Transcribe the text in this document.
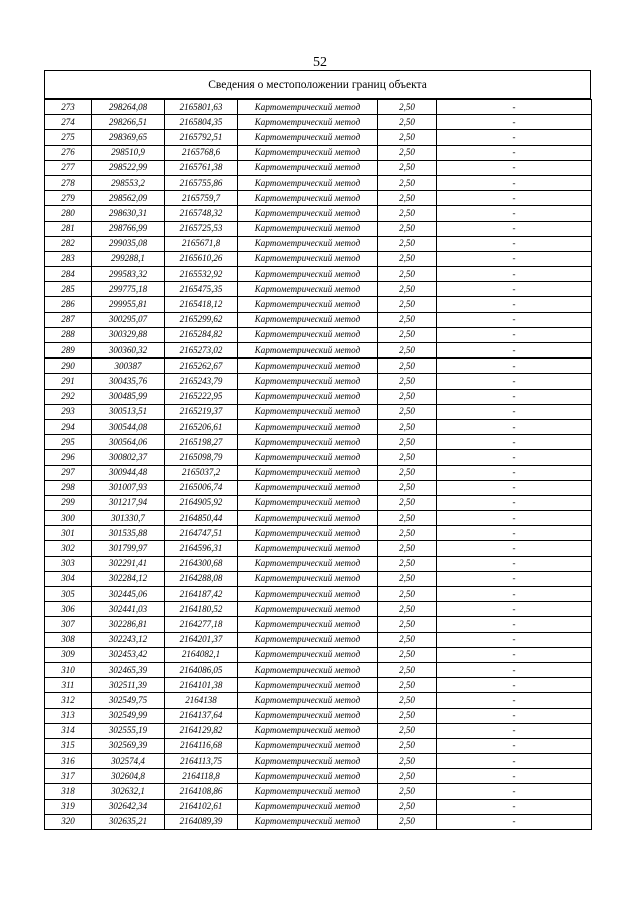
52
Сведения о местоположении границ объекта
273	298264,08	2165801,63	Картометрический метод	2,50	-
274	298266,51	2165804,35	Картометрический метод	2,50	-
275	298369,65	2165792,51	Картометрический метод	2,50	-
276	298510,9	2165768,6	Картометрический метод	2,50	-
277	298522,99	2165761,38	Картометрический метод	2,50	-
278	298553,2	2165755,86	Картометрический метод	2,50	-
279	298562,09	2165759,7	Картометрический метод	2,50	-
280	298630,31	2165748,32	Картометрический метод	2,50	-
281	298766,99	2165725,53	Картометрический метод	2,50	-
282	299035,08	2165671,8	Картометрический метод	2,50	-
283	299288,1	2165610,26	Картометрический метод	2,50	-
284	299583,32	2165532,92	Картометрический метод	2,50	-
285	299775,18	2165475,35	Картометрический метод	2,50	-
286	299955,81	2165418,12	Картометрический метод	2,50	-
287	300295,07	2165299,62	Картометрический метод	2,50	-
288	300329,88	2165284,82	Картометрический метод	2,50	-
289	300360,32	2165273,02	Картометрический метод	2,50	-
290	300387	2165262,67	Картометрический метод	2,50	-
291	300435,76	2165243,79	Картометрический метод	2,50	-
292	300485,99	2165222,95	Картометрический метод	2,50	-
293	300513,51	2165219,37	Картометрический метод	2,50	-
294	300544,08	2165206,61	Картометрический метод	2,50	-
295	300564,06	2165198,27	Картометрический метод	2,50	-
296	300802,37	2165098,79	Картометрический метод	2,50	-
297	300944,48	2165037,2	Картометрический метод	2,50	-
298	301007,93	2165006,74	Картометрический метод	2,50	-
299	301217,94	2164905,92	Картометрический метод	2,50	-
300	301330,7	2164850,44	Картометрический метод	2,50	-
301	301535,88	2164747,51	Картометрический метод	2,50	-
302	301799,97	2164596,31	Картометрический метод	2,50	-
303	302291,41	2164300,68	Картометрический метод	2,50	-
304	302284,12	2164288,08	Картометрический метод	2,50	-
305	302445,06	2164187,42	Картометрический метод	2,50	-
306	302441,03	2164180,52	Картометрический метод	2,50	-
307	302286,81	2164277,18	Картометрический метод	2,50	-
308	302243,12	2164201,37	Картометрический метод	2,50	-
309	302453,42	2164082,1	Картометрический метод	2,50	-
310	302465,39	2164086,05	Картометрический метод	2,50	-
311	302511,39	2164101,38	Картометрический метод	2,50	-
312	302549,75	2164138	Картометрический метод	2,50	-
313	302549,99	2164137,64	Картометрический метод	2,50	-
314	302555,19	2164129,82	Картометрический метод	2,50	-
315	302569,39	2164116,68	Картометрический метод	2,50	-
316	302574,4	2164113,75	Картометрический метод	2,50	-
317	302604,8	2164118,8	Картометрический метод	2,50	-
318	302632,1	2164108,86	Картометрический метод	2,50	-
319	302642,34	2164102,61	Картометрический метод	2,50	-
320	302635,21	2164089,39	Картометрический метод	2,50	-
